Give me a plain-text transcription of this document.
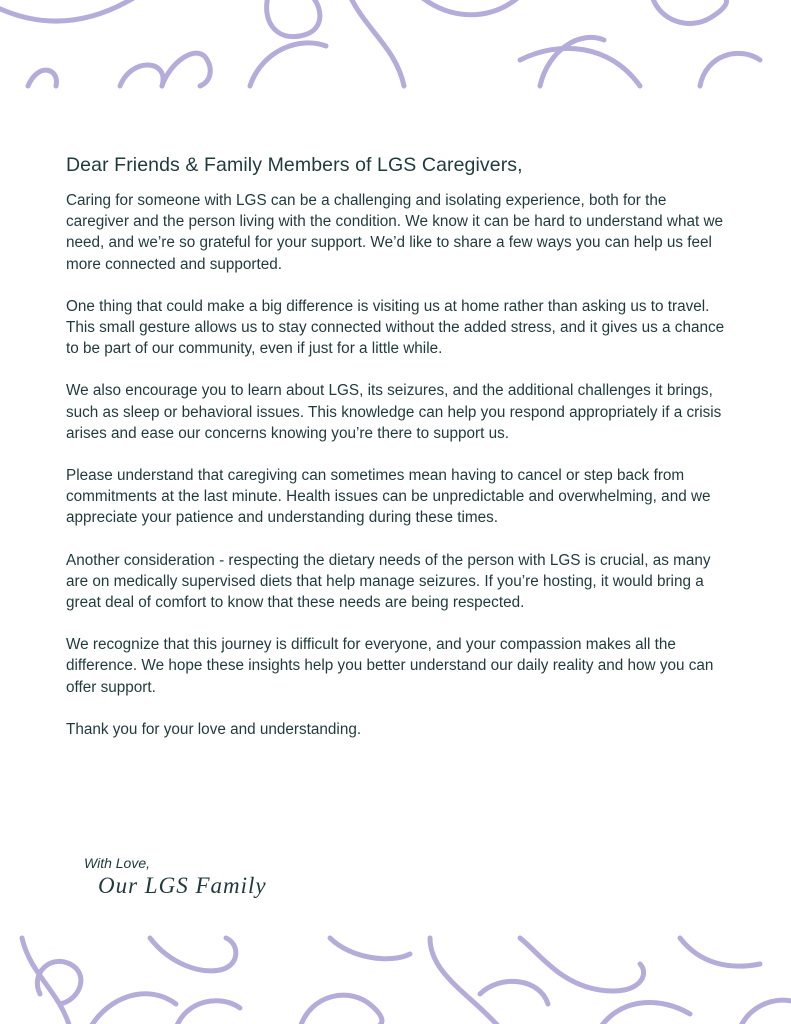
Dear Friends & Family Members of LGS Caregivers,

Caring for someone with LGS can be a challenging and isolating experience, both for the caregiver and the person living with the condition. We know it can be hard to understand what we need, and we’re so grateful for your support. We’d like to share a few ways you can help us feel more connected and supported.

One thing that could make a big difference is visiting us at home rather than asking us to travel. This small gesture allows us to stay connected without the added stress, and it gives us a chance to be part of our community, even if just for a little while.

We also encourage you to learn about LGS, its seizures, and the additional challenges it brings, such as sleep or behavioral issues. This knowledge can help you respond appropriately if a crisis arises and ease our concerns knowing you’re there to support us.

Please understand that caregiving can sometimes mean having to cancel or step back from commitments at the last minute. Health issues can be unpredictable and overwhelming, and we appreciate your patience and understanding during these times.

Another consideration - respecting the dietary needs of the person with LGS is crucial, as many are on medically supervised diets that help manage seizures. If you’re hosting, it would bring a great deal of comfort to know that these needs are being respected.

We recognize that this journey is difficult for everyone, and your compassion makes all the difference. We hope these insights help you better understand our daily reality and how you can offer support.

Thank you for your love and understanding.

With Love,

Our LGS Family
